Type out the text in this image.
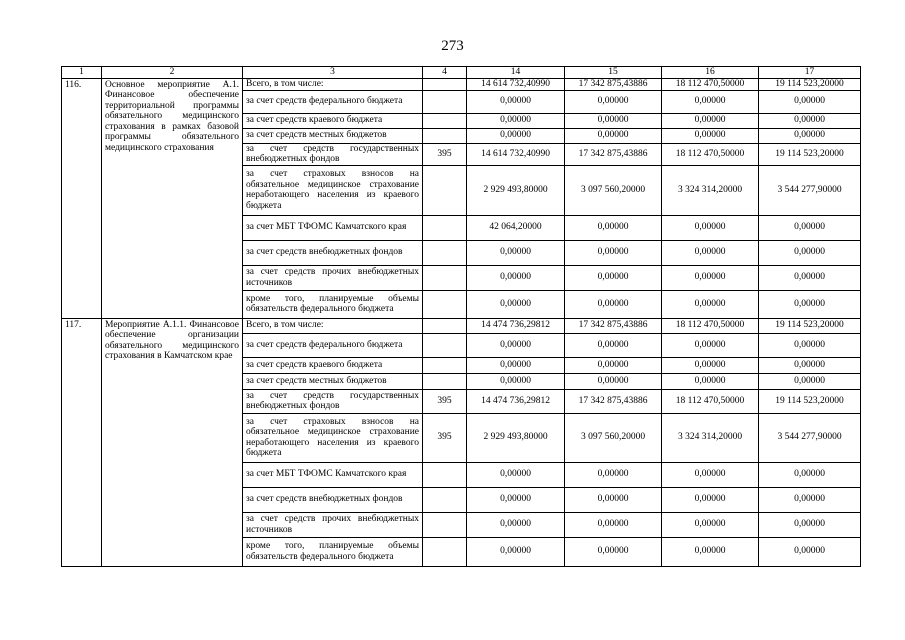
273
1	2	3	4	14	15	16	17
116.	Основное мероприятие А.1. Финансовое обеспечение территориальной программы обязательного медицинского страхования в рамках базовой программы обязательного медицинского страхования	Всего, в том числе:		14 614 732,40990	17 342 875,43886	18 112 470,50000	19 114 523,20000
		за счет средств федерального бюджета		0,00000	0,00000	0,00000	0,00000
		за счет средств краевого бюджета		0,00000	0,00000	0,00000	0,00000
		за счет средств местных бюджетов		0,00000	0,00000	0,00000	0,00000
		за счет средств государственных внебюджетных фондов	395	14 614 732,40990	17 342 875,43886	18 112 470,50000	19 114 523,20000
		за счет страховых взносов на обязательное медицинское страхование неработающего населения из краевого бюджета		2 929 493,80000	3 097 560,20000	3 324 314,20000	3 544 277,90000
		за счет МБТ ТФОМС Камчатского края		42 064,20000	0,00000	0,00000	0,00000
		за счет средств внебюджетных фондов		0,00000	0,00000	0,00000	0,00000
		за счет средств прочих внебюджетных источников		0,00000	0,00000	0,00000	0,00000
		кроме того, планируемые объемы обязательств федерального бюджета		0,00000	0,00000	0,00000	0,00000
117.	Мероприятие А.1.1. Финансовое обеспечение организации обязательного медицинского страхования в Камчатском крае	Всего, в том числе:		14 474 736,29812	17 342 875,43886	18 112 470,50000	19 114 523,20000
		за счет средств федерального бюджета		0,00000	0,00000	0,00000	0,00000
		за счет средств краевого бюджета		0,00000	0,00000	0,00000	0,00000
		за счет средств местных бюджетов		0,00000	0,00000	0,00000	0,00000
		за счет средств государственных внебюджетных фондов	395	14 474 736,29812	17 342 875,43886	18 112 470,50000	19 114 523,20000
		за счет страховых взносов на обязательное медицинское страхование неработающего населения из краевого бюджета	395	2 929 493,80000	3 097 560,20000	3 324 314,20000	3 544 277,90000
		за счет МБТ ТФОМС Камчатского края		0,00000	0,00000	0,00000	0,00000
		за счет средств внебюджетных фондов		0,00000	0,00000	0,00000	0,00000
		за счет средств прочих внебюджетных источников		0,00000	0,00000	0,00000	0,00000
		кроме того, планируемые объемы обязательств федерального бюджета		0,00000	0,00000	0,00000	0,00000
